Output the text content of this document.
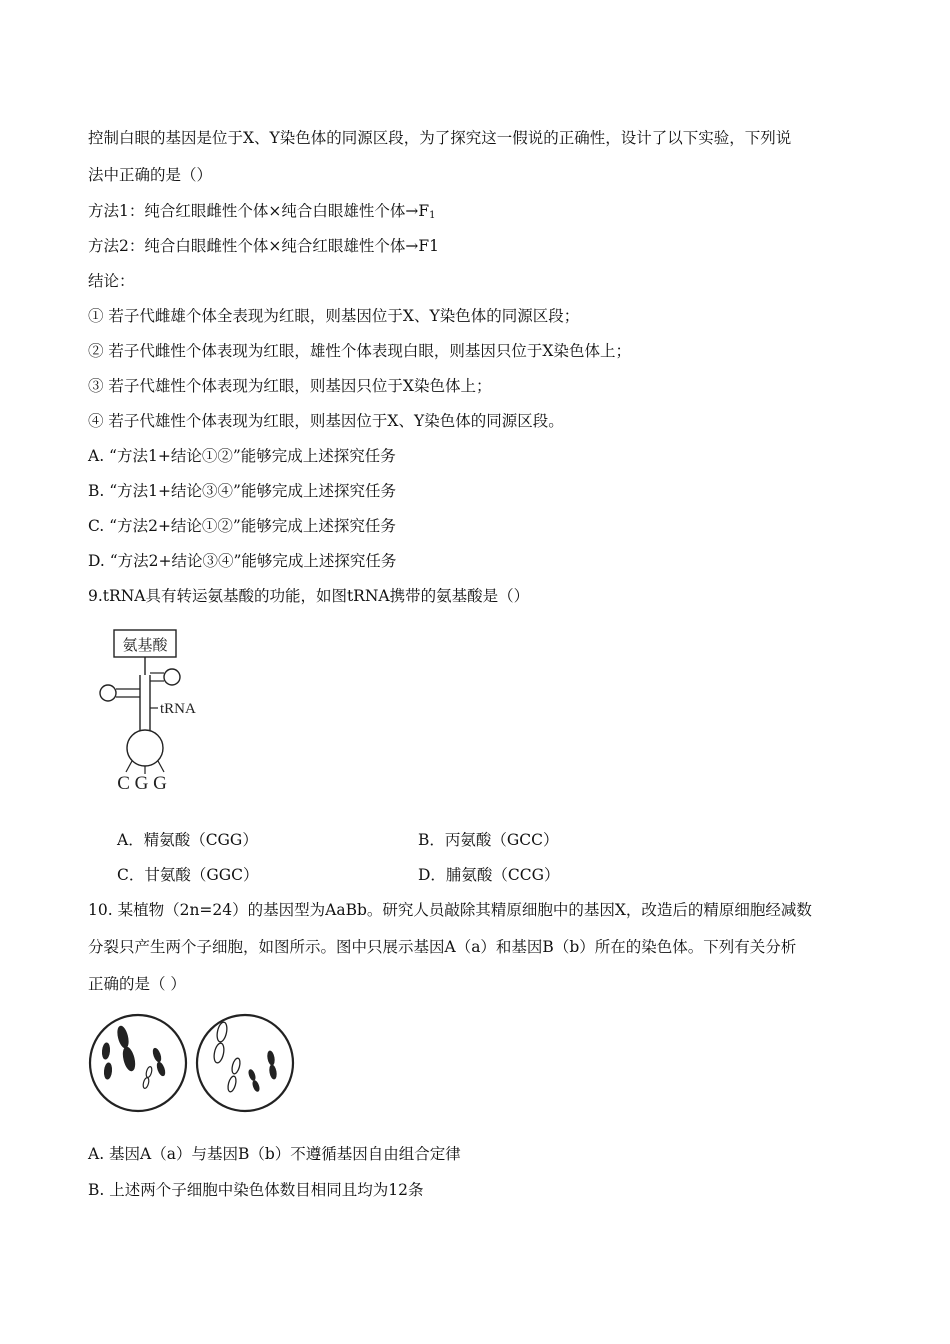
控制白眼的基因是位于X、Y染色体的同源区段，为了探究这一假说的正确性，设计了以下实验，下列说
法中正确的是（）
方法1：纯合红眼雌性个体×纯合白眼雄性个体$\to F_1$
方法2：纯合白眼雌性个体×纯合红眼雄性个体→F1
结论：
① 若子代雌雄个体全表现为红眼，则基因位于X、Y染色体的同源区段；
② 若子代雌性个体表现为红眼，雄性个体表现白眼，则基因只位于X染色体上；
③ 若子代雄性个体表现为红眼，则基因只位于X染色体上；
④ 若子代雄性个体表现为红眼，则基因位于X、Y染色体的同源区段。
A. “方法1+结论①②”能够完成上述探究任务
B. “方法1+结论③④”能够完成上述探究任务
C. “方法2+结论①②”能够完成上述探究任务
D. “方法2+结论③④”能够完成上述探究任务
9.tRNA具有转运氨基酸的功能，如图tRNA携带的氨基酸是（）
氨基酸
tRNA
C G G
A．精氨酸（CGG）	B．丙氨酸（GCC）
C．甘氨酸（GGC）	D．脯氨酸（CCG）
10. 某植物（2n=24）的基因型为AaBb。研究人员敲除其精原细胞中的基因X，改造后的精原细胞经减数
分裂只产生两个子细胞，如图所示。图中只展示基因A（a）和基因B（b）所在的染色体。下列有关分析
正确的是（ ）
A. 基因A（a）与基因B（b）不遵循基因自由组合定律
B. 上述两个子细胞中染色体数目相同且均为12条
